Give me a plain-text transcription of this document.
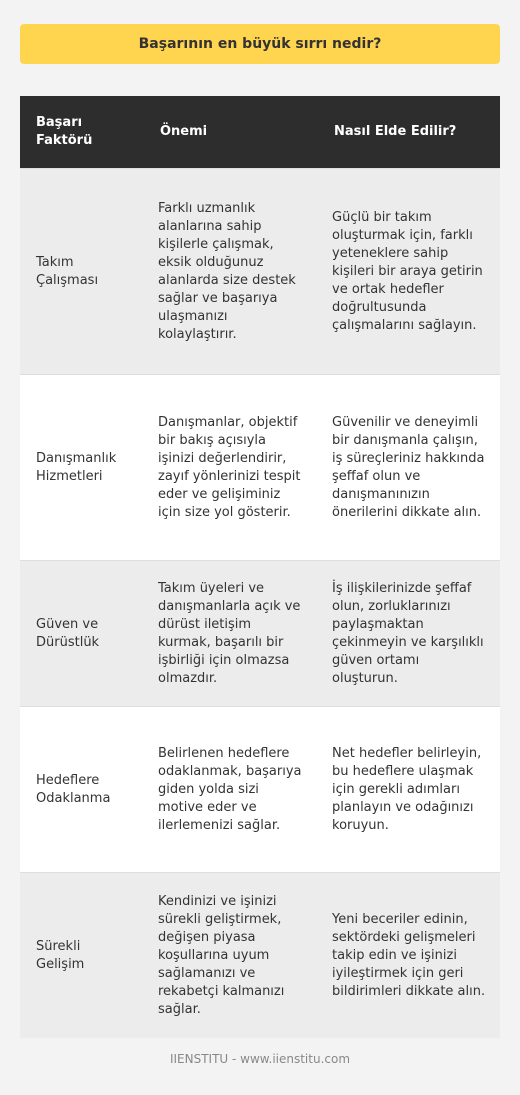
Başarının en büyük sırrı nedir?
Başarı Faktörü	Önemi	Nasıl Elde Edilir?
Takım Çalışması	Farklı uzmanlık alanlarına sahip kişilerle çalışmak, eksik olduğunuz alanlarda size destek sağlar ve başarıya ulaşmanızı kolaylaştırır.	Güçlü bir takım oluşturmak için, farklı yeteneklere sahip kişileri bir araya getirin ve ortak hedefler doğrultusunda çalışmalarını sağlayın.
Danışmanlık Hizmetleri	Danışmanlar, objektif bir bakış açısıyla işinizi değerlendirir, zayıf yönlerinizi tespit eder ve gelişiminiz için size yol gösterir.	Güvenilir ve deneyimli bir danışmanla çalışın, iş süreçleriniz hakkında şeffaf olun ve danışmanınızın önerilerini dikkate alın.
Güven ve Dürüstlük	Takım üyeleri ve danışmanlarla açık ve dürüst iletişim kurmak, başarılı bir işbirliği için olmazsa olmazdır.	İş ilişkilerinizde şeffaf olun, zorluklarınızı paylaşmaktan çekinmeyin ve karşılıklı güven ortamı oluşturun.
Hedeflere Odaklanma	Belirlenen hedeflere odaklanmak, başarıya giden yolda sizi motive eder ve ilerlemenizi sağlar.	Net hedefler belirleyin, bu hedeflere ulaşmak için gerekli adımları planlayın ve odağınızı koruyun.
Sürekli Gelişim	Kendinizi ve işinizi sürekli geliştirmek, değişen piyasa koşullarına uyum sağlamanızı ve rekabetçi kalmanızı sağlar.	Yeni beceriler edinin, sektördeki gelişmeleri takip edin ve işinizi iyileştirmek için geri bildirimleri dikkate alın.
IIENSTITU - www.iienstitu.com
